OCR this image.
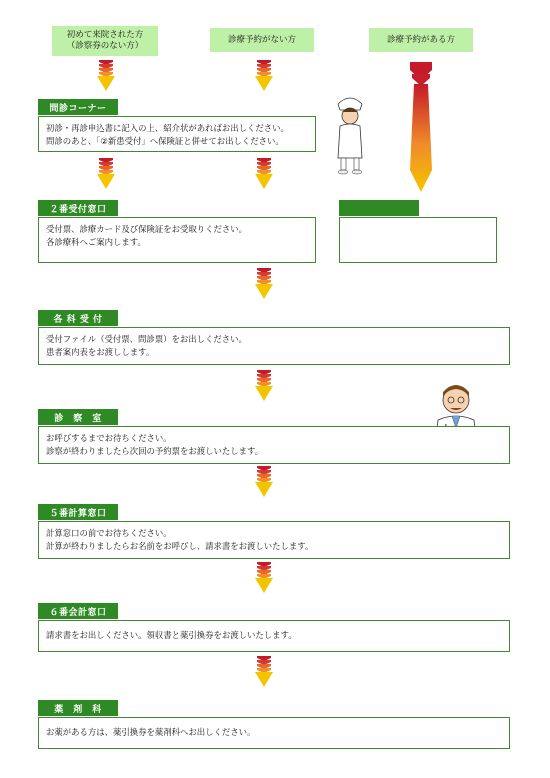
初めて来院された方
（診察券のない方）
診療予約がない方	診療予約がある方
初診・再診申込書に記入の上、紹介状があればお出しください。
問診のあと、「②新患受付」へ保険証と併せてお出しください。
問診コーナー
受付票、診療カード及び保険証をお受取りください。
各診療科へご案内します。
２番受付窓口
受付ファイル（受付票、問診票）をお出しください。
患者案内表をお渡しします。
各 科 受 付
お呼びするまでお待ちください。
診察が終わりましたら次回の予約票をお渡しいたします。
診　察　室
計算窓口の前でお待ちください。
計算が終わりましたらお名前をお呼びし、請求書をお渡しいたします。
５番計算窓口
請求書をお出しください。領収書と薬引換券をお渡しいたします。
６番会計窓口
お薬がある方は、薬引換券を薬剤科へお出しください。
薬　剤　科
